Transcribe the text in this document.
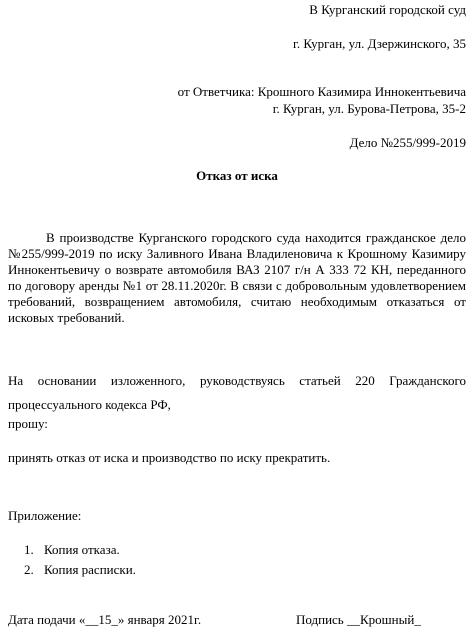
В Курганский городской суд
г. Курган, ул. Дзержинского, 35
от Ответчика: Крошного Казимира Иннокентьевича
г. Курган, ул. Бурова-Петрова, 35-2
Дело №255/999-2019
Отказ от иска
В производстве Курганского городского суда находится гражданское дело №255/999-2019 по иску Заливного Ивана Владиленовича к Крошному Казимиру Иннокентьевичу о возврате автомобиля ВАЗ 2107 г/н А 333 72 КН, переданного по договору аренды №1 от 28.11.2020г. В связи с добровольным удовлетворением требований, возвращением автомобиля, считаю необходимым отказаться от исковых требований.
На основании изложенного, руководствуясь статьей 220 Гражданского процессуального кодекса РФ,
прошу:
принять отказ от иска и производство по иску прекратить.
Приложение:
1. Копия отказа.
2. Копия расписки.
Дата подачи «__15_» января 2021г.	Подпись __Крошный_
